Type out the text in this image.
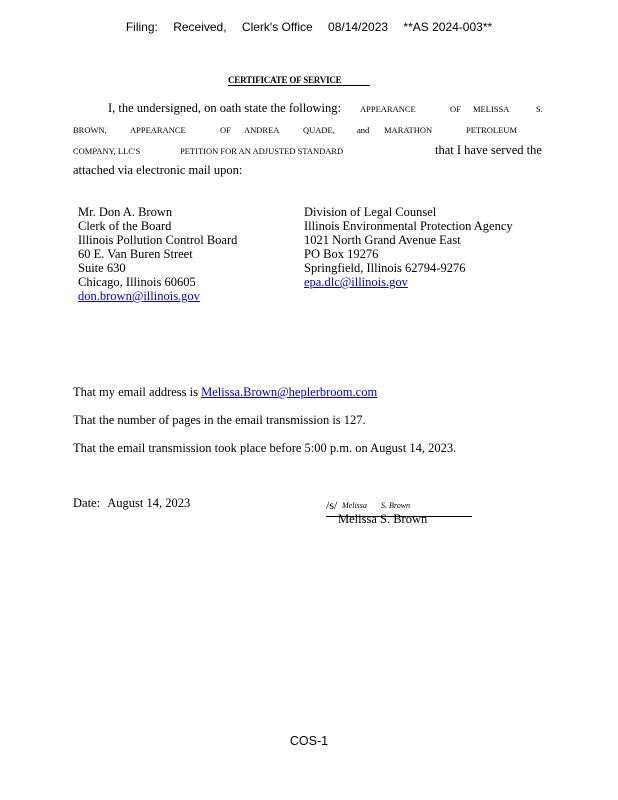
Filing: Received, Clerk's Office 08/14/2023 **AS 2024-003**
CERTIFICATE OF SERVICE
I, the undersigned, on oath state the following: APPEARANCE	OF MELISSA	S.
BROWN,	APPEARANCE	OF ANDREA	QUADE,	and MARATHON	PETROLEUM
COMPANY, LLC'S	PETITION FOR AN ADJUSTED STANDARD	that I have served the
attached via electronic mail upon:
Mr. Don A. Brown
Clerk of the Board
Illinois Pollution Control Board
60 E. Van Buren Street
Suite 630
Chicago, Illinois 60605
don.brown@illinois.gov
Division of Legal Counsel
Illinois Environmental Protection Agency
1021 North Grand Avenue East
PO Box 19276
Springfield, Illinois 62794-9276
epa.dlc@illinois.gov
That my email address is Melissa.Brown@heplerbroom.com
That the number of pages in the email transmission is 127.
That the email transmission took place before 5:00 p.m. on August 14, 2023.
Date: August 14, 2023	/s/ Melissa S. Brown
Melissa S. Brown
COS-1
